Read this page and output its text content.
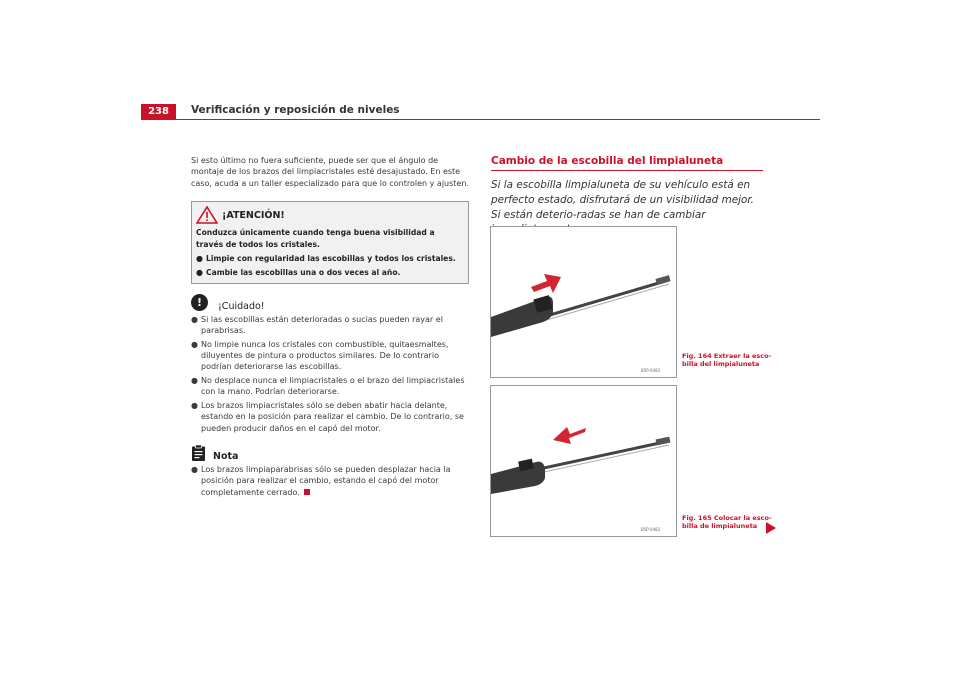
238	Verificación y reposición de niveles

Si esto último no fuera suficiente, puede ser que el ángulo de montaje de los brazos del limpiacristales esté desajustado. En este caso, acuda a un taller especializado para que lo controlen y ajusten.

¡ATENCIÓN!
Conduzca únicamente cuando tenga buena visibilidad a través de todos los cristales.
● Limpie con regularidad las escobillas y todos los cristales.
● Cambie las escobillas una o dos veces al año.
!	¡Cuidado!
● Si las escobillas están deterioradas o sucias pueden rayar el parabrisas.
● No limpie nunca los cristales con combustible, quitaesmaltes, diluyentes de pintura o productos similares. De lo contrario podrían deteriorarse las escobillas.
● No desplace nunca el limpiacristales o el brazo del limpiacristales con la mano. Podrían deteriorarse.
● Los brazos limpiacristales sólo se deben abatir hacia delante, estando en la posición para realizar el cambio. De lo contrario, se pueden producir daños en el capó del motor.
Nota
● Los brazos limpiaparabrisas sólo se pueden desplazar hacia la posición para realizar el cambio, estando el capó del motor completamente cerrado.
Cambio de la escobilla del limpialuneta
Si la escobilla limpialuneta de su vehículo está en perfecto estado, disfrutará de un visibilidad mejor. Si están deterio-radas se han de cambiar
B5P-0481
B5P-0482
Fig. 164 Extraer la esco-billa del limpialuneta
Fig. 165 Colocar la esco-billa de limpialuneta
